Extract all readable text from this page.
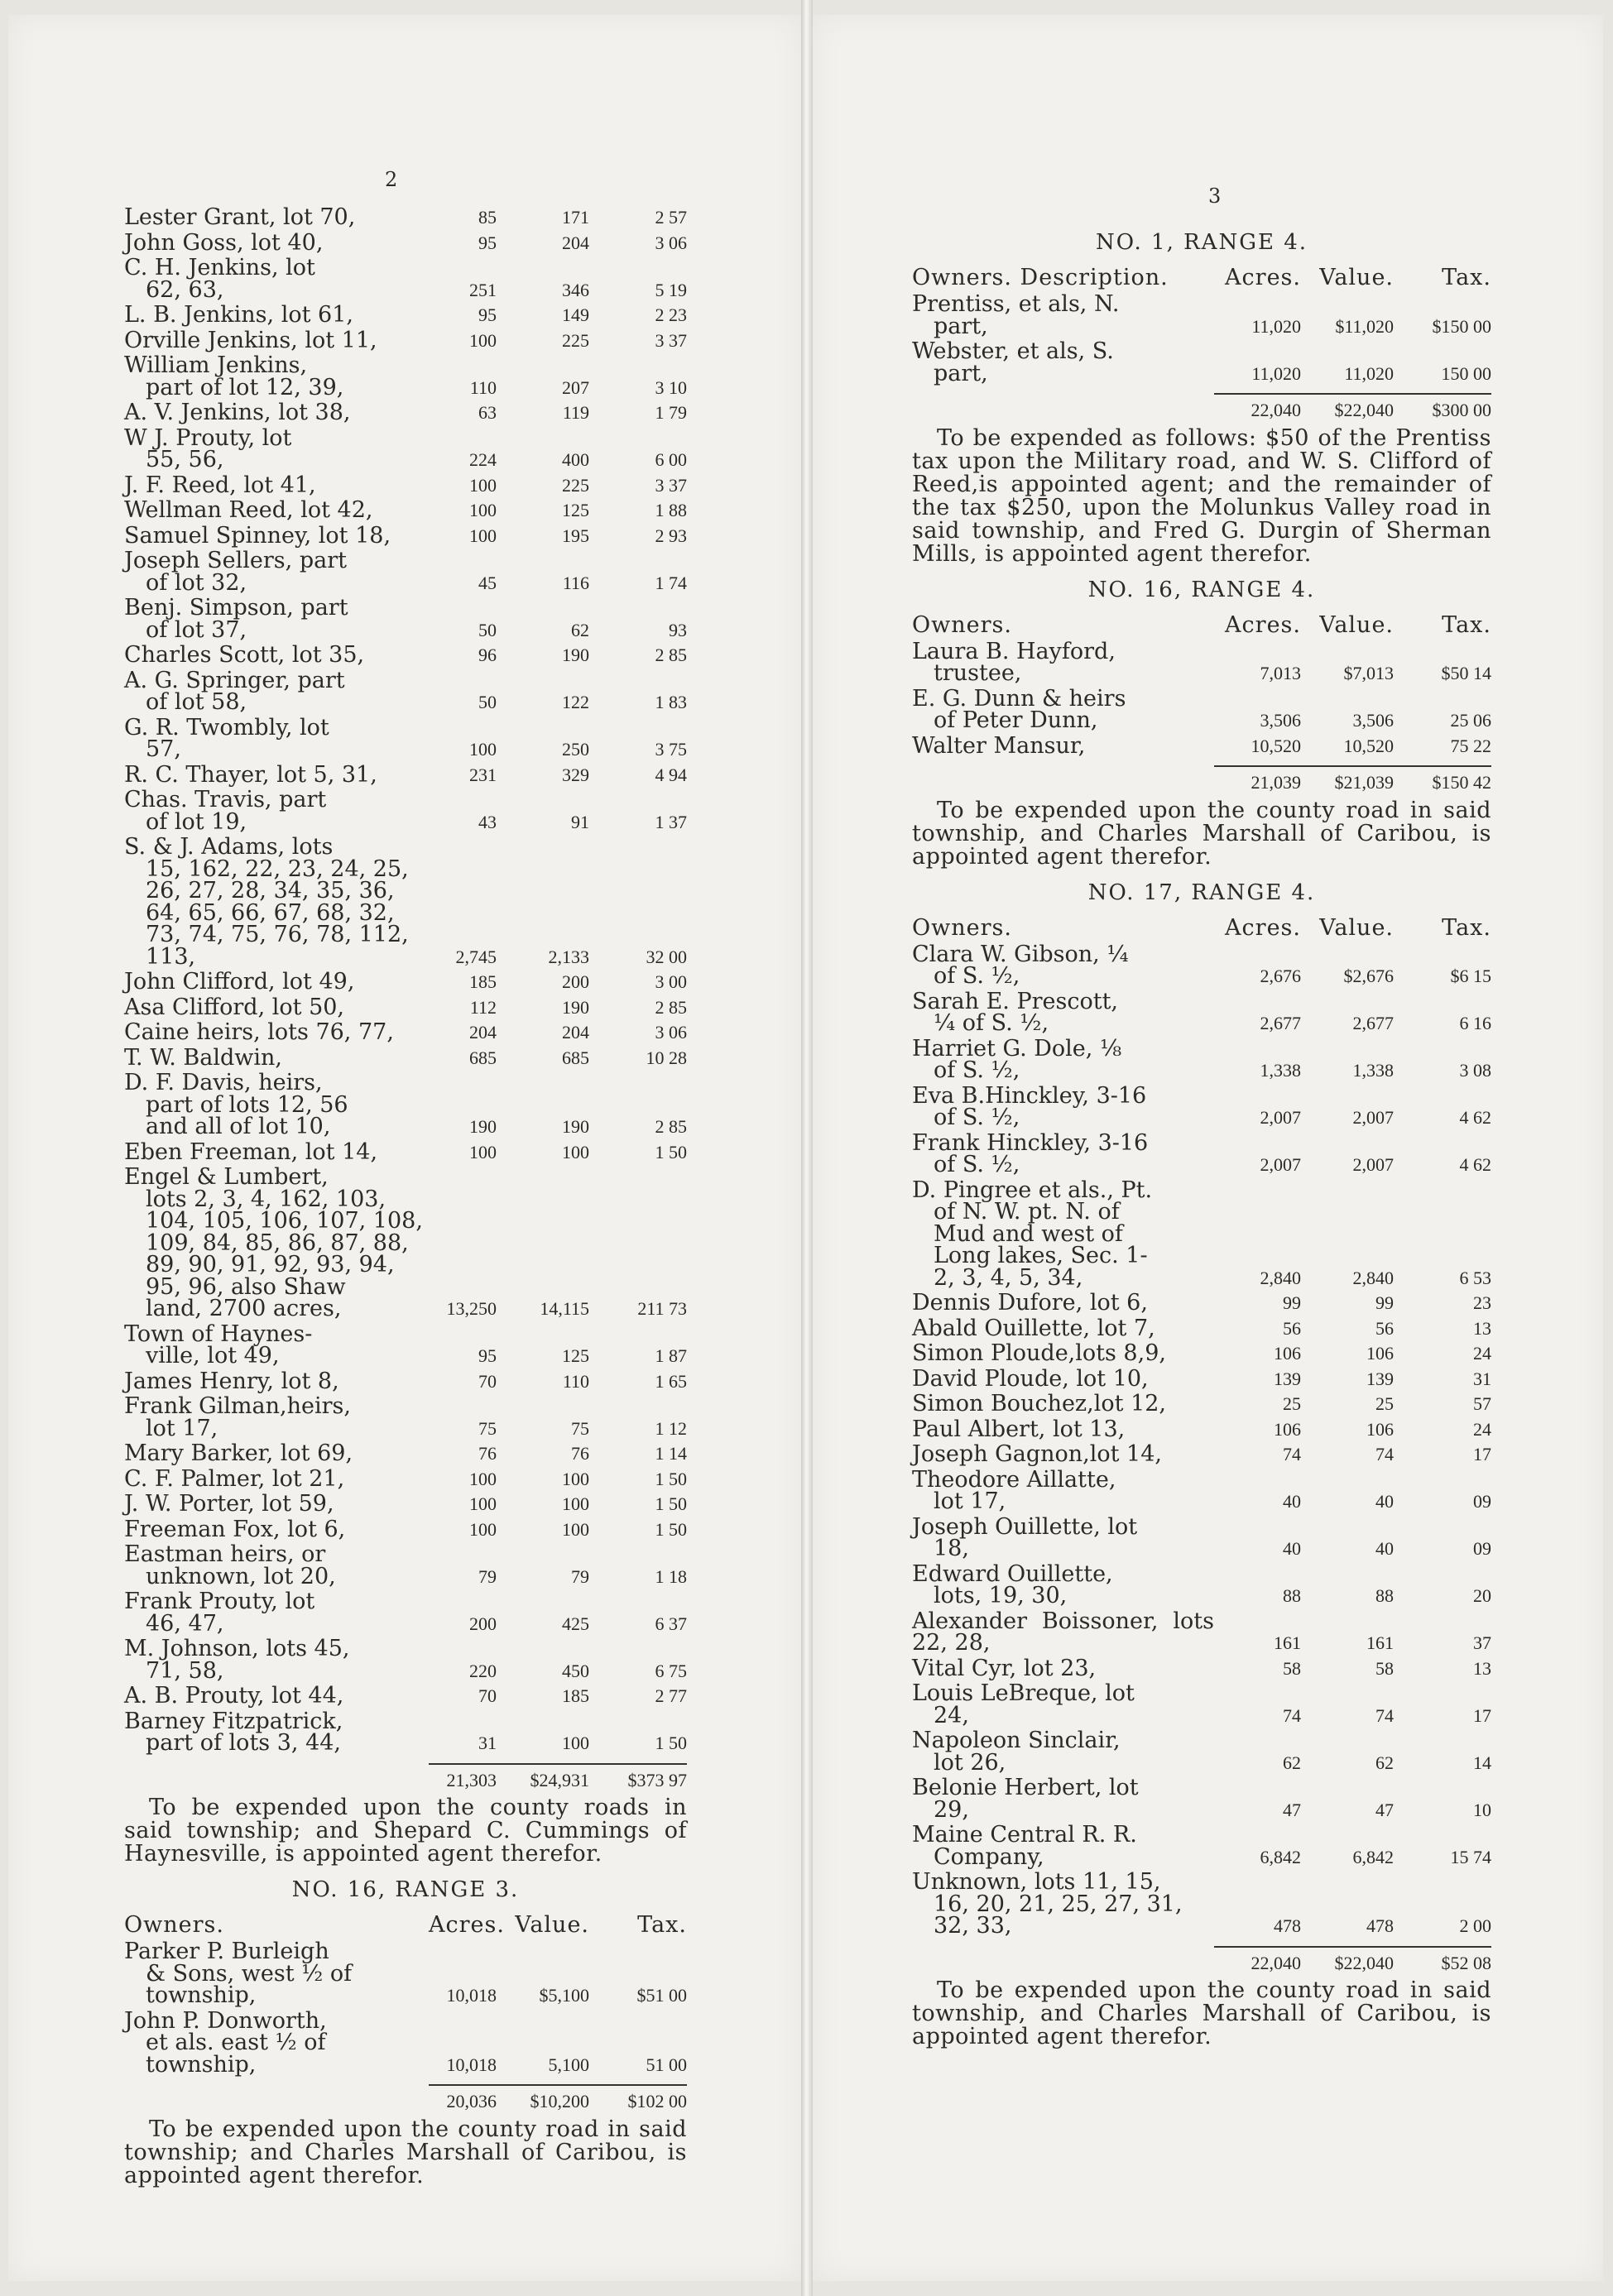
2
Lester Grant, lot 70,	85	171	2 57
John Goss, lot 40,	95	204	3 06
C. H. Jenkins, lot
62, 63,	251	346	5 19
L. B. Jenkins, lot 61,	95	149	2 23
Orville Jenkins, lot 11,	100	225	3 37
William Jenkins,
part of lot 12, 39,	110	207	3 10
A. V. Jenkins, lot 38,	63	119	1 79
W J. Prouty, lot
55, 56,	224	400	6 00
J. F. Reed, lot 41,	100	225	3 37
Wellman Reed, lot 42,	100	125	1 88
Samuel Spinney, lot 18,	100	195	2 93
Joseph Sellers, part
of lot 32,	45	116	1 74
Benj. Simpson, part
of lot 37,	50	62	93
Charles Scott, lot 35,	96	190	2 85
A. G. Springer, part
of lot 58,	50	122	1 83
G. R. Twombly, lot
57,	100	250	3 75
R. C. Thayer, lot 5, 31,	231	329	4 94
Chas. Travis, part
of lot 19,	43	91	1 37
S. & J. Adams, lots
15, 162, 22, 23, 24, 25,
26, 27, 28, 34, 35, 36,
64, 65, 66, 67, 68, 32,
73, 74, 75, 76, 78, 112,
113,	2,745	2,133	32 00
John Clifford, lot 49,	185	200	3 00
Asa Clifford, lot 50,	112	190	2 85
Caine heirs, lots 76, 77,	204	204	3 06
T. W. Baldwin,	685	685	10 28
D. F. Davis, heirs,
part of lots 12, 56
and all of lot 10,	190	190	2 85
Eben Freeman, lot 14,	100	100	1 50
Engel & Lumbert,
lots 2, 3, 4, 162, 103,
104, 105, 106, 107, 108,
109, 84, 85, 86, 87, 88,
89, 90, 91, 92, 93, 94,
95, 96, also Shaw
land, 2700 acres,	13,250	14,115	211 73
Town of Haynes-
ville, lot 49,	95	125	1 87
James Henry, lot 8,	70	110	1 65
Frank Gilman,heirs,
lot 17,	75	75	1 12
Mary Barker, lot 69,	76	76	1 14
C. F. Palmer, lot 21,	100	100	1 50
J. W. Porter, lot 59,	100	100	1 50
Freeman Fox, lot 6,	100	100	1 50
Eastman heirs, or
unknown, lot 20,	79	79	1 18
Frank Prouty, lot
46, 47,	200	425	6 37
M. Johnson, lots 45,
71, 58,	220	450	6 75
A. B. Prouty, lot 44,	70	185	2 77
Barney Fitzpatrick,
part of lots 3, 44,	31	100	1 50
21,303	$24,931	$373 97
To be expended upon the county roads in said township; and Shepard C. Cummings of Haynesville, is appointed agent therefor.
NO. 16, RANGE 3.
Owners.	Acres. Value.	Tax.
Parker P. Burleigh
& Sons, west ½ of
township,	10,018	$5,100	$51 00
John P. Donworth,
et als. east ½ of
township,	10,018	5,100	51 00
20,036	$10,200	$102 00
To be expended upon the county road in said township; and Charles Marshall of Caribou, is appointed agent therefor.
3
NO. 1, RANGE 4.
Owners. Description.	Acres. Value.	Tax.
Prentiss, et als, N.
part,	11,020	$11,020	$150 00
Webster, et als, S.
part,	11,020	11,020	150 00
22,040	$22,040	$300 00
To be expended as follows: $50 of the Prentiss tax upon the Military road, and W. S. Clifford of Reed,is appointed agent; and the remainder of the tax $250, upon the Molunkus Valley road in said township, and Fred G. Durgin of Sherman Mills, is appointed agent therefor.
NO. 16, RANGE 4.
Owners.	Acres. Value.	Tax.
Laura B. Hayford,
trustee,	7,013	$7,013	$50 14
E. G. Dunn & heirs
of Peter Dunn,	3,506	3,506	25 06
Walter Mansur,	10,520	10,520	75 22
21,039	$21,039	$150 42
To be expended upon the county road in said township, and Charles Marshall of Caribou, is appointed agent therefor.
NO. 17, RANGE 4.
Owners.	Acres. Value.	Tax.
Clara W. Gibson, ¼
of S. ½,	2,676	$2,676	$6 15
Sarah E. Prescott,
¼ of S. ½,	2,677	2,677	6 16
Harriet G. Dole, ⅛
of S. ½,	1,338	1,338	3 08
Eva B.Hinckley, 3-16
of S. ½,	2,007	2,007	4 62
Frank Hinckley, 3-16
of S. ½,	2,007	2,007	4 62
D. Pingree et als., Pt.
of N. W. pt. N. of
Mud and west of
Long lakes, Sec. 1-
2, 3, 4, 5, 34,	2,840	2,840	6 53
Dennis Dufore, lot 6,	99	99	23
Abald Ouillette, lot 7,	56	56	13
Simon Ploude,lots 8,9,	106	106	24
David Ploude, lot 10,	139	139	31
Simon Bouchez,lot 12,	25	25	57
Paul Albert, lot 13,	106	106	24
Joseph Gagnon,lot 14,	74	74	17
Theodore Aillatte,
lot 17,	40	40	09
Joseph Ouillette, lot
18,	40	40	09
Edward Ouillette,
lots, 19, 30,	88	88	20
Alexander Boissoner, lots 22, 28,	161	161	37
Vital Cyr, lot 23,	58	58	13
Louis LeBreque, lot
24,	74	74	17
Napoleon Sinclair,
lot 26,	62	62	14
Belonie Herbert, lot
29,	47	47	10
Maine Central R. R.
Company,	6,842	6,842	15 74
Unknown, lots 11, 15,
16, 20, 21, 25, 27, 31,
32, 33,	478	478	2 00
22,040	$22,040	$52 08
To be expended upon the county road in said township, and Charles Marshall of Caribou, is appointed agent therefor.
